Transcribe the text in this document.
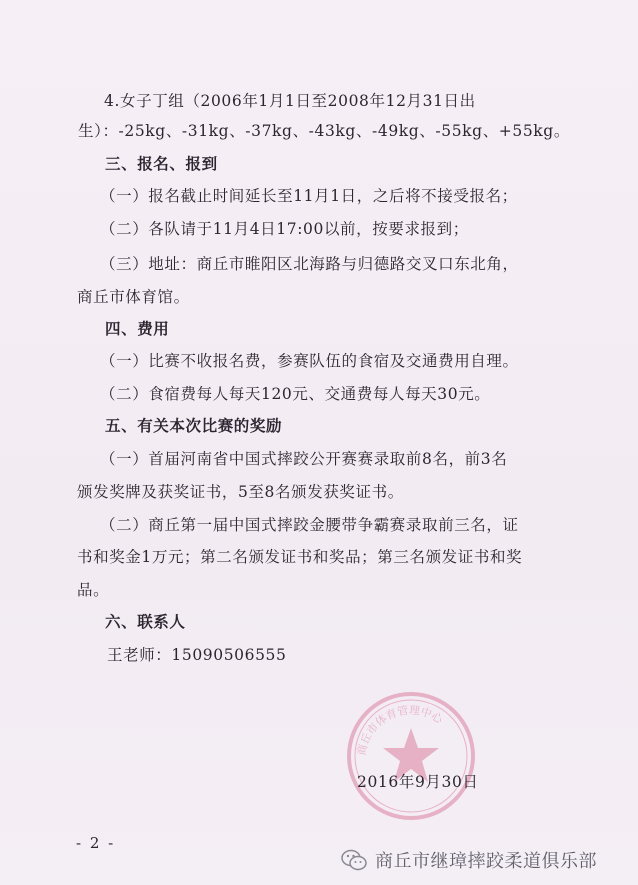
4.女子丁组（2006年1月1日至2008年12月31日出
生）：-25kg、-31kg、-37kg、-43kg、-49kg、-55kg、+55kg。
三、报名、报到
（一）报名截止时间延长至11月1日，之后将不接受报名；
（二）各队请于11月4日17:00以前，按要求报到；
（三）地址：商丘市睢阳区北海路与归德路交叉口东北角，
商丘市体育馆。
四、费用
（一）比赛不收报名费，参赛队伍的食宿及交通费用自理。
（二）食宿费每人每天120元、交通费每人每天30元。
五、有关本次比赛的奖励
（一）首届河南省中国式摔跤公开赛赛录取前8名，前3名
颁发奖牌及获奖证书，5至8名颁发获奖证书。
（二）商丘第一届中国式摔跤金腰带争霸赛录取前三名，证
书和奖金1万元；第二名颁发证书和奖品；第三名颁发证书和奖
品。
六、联系人
王老师：15090506555
商丘市体育管理中心
2016年9月30日
- 2 -
商丘市继璋摔跤柔道俱乐部
